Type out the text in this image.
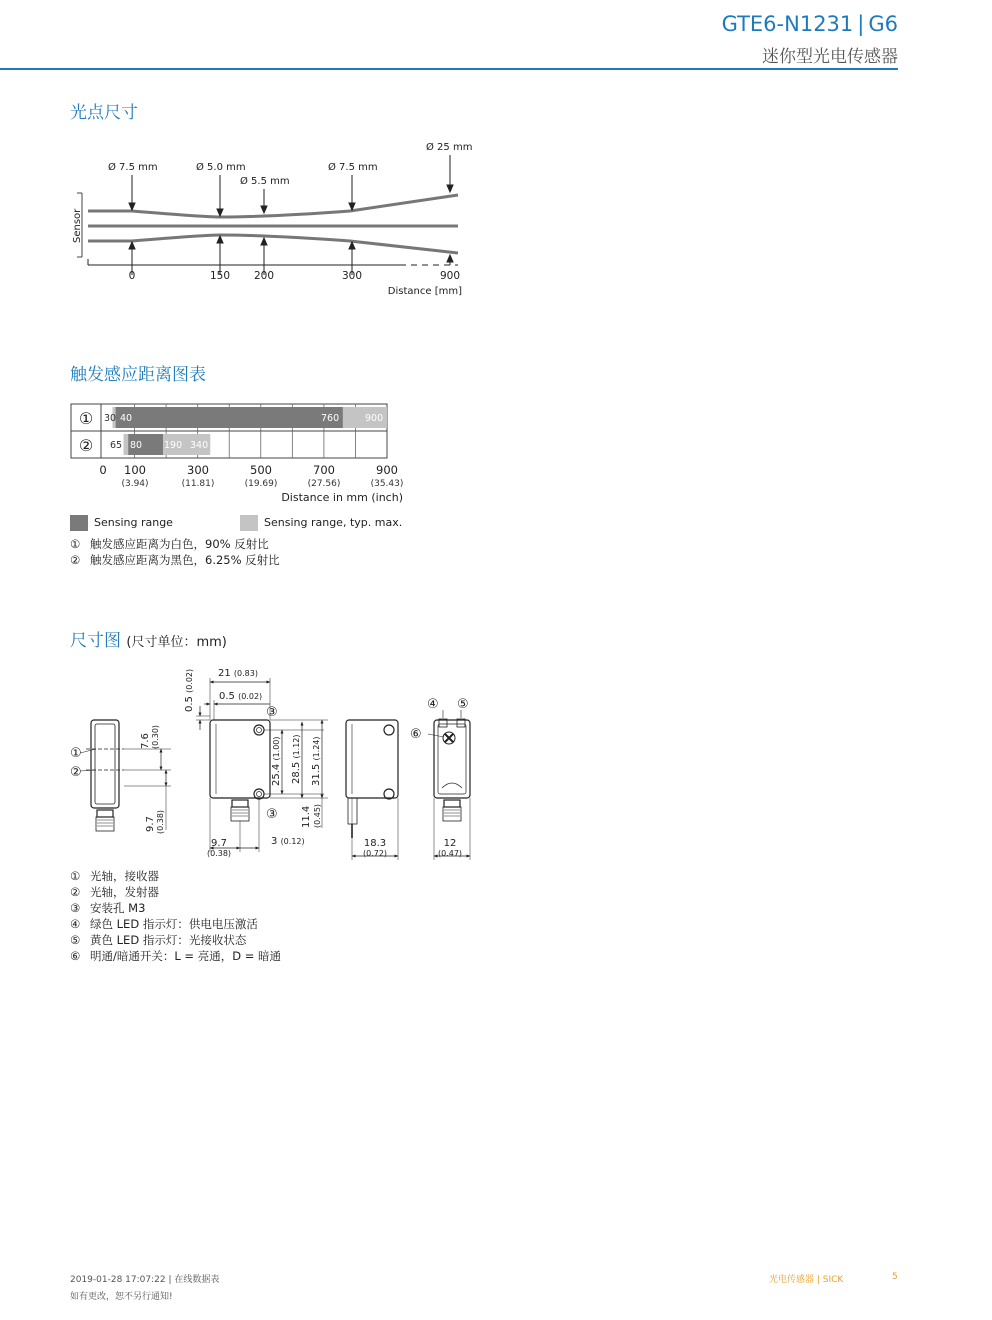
GTE6-N1231 | G6
迷你型光电传感器
光点尺寸
Sensor
Ø 7.5 mm	Ø 5.0 mm
Ø 5.5 mm
Ø 7.5 mm
Ø 25 mm
0	150 200	300	900
Distance [mm]
触发感应距离图表
①
②
30 40	760	900
65 80 190 340
0 100	300	500	700	900
(3.94)	(11.81)	(19.69)	(27.56)	(35.43)
Distance in mm (inch)
Sensing range	Sensing range, typ. max.
① 触发感应距离为白色，90% 反射比
② 触发感应距离为黑色，6.25% 反射比
尺寸图 (尺寸单位：mm)
①
②
③
③
④ ⑤
⑥
21 (0.83)
0.5 (0.02)
0.5 (0.02)
7.6 (0.30)
9.7 (0.38)
25.4 (1.00)
28.5 (1.12)
31.5 (1.24)
11.4 (0.45)
9.7
(0.38)
3 (0.12)	18.3
(0.72)
12
(0.47)
① 光轴，接收器
② 光轴，发射器
③ 安装孔 M3
④ 绿色 LED 指示灯：供电电压激活
⑤ 黄色 LED 指示灯：光接收状态
⑥ 明通/暗通开关：L = 亮通，D = 暗通
2019-01-28 17:07:22 | 在线数据表
如有更改，恕不另行通知!
光电传感器 | SICK	5
